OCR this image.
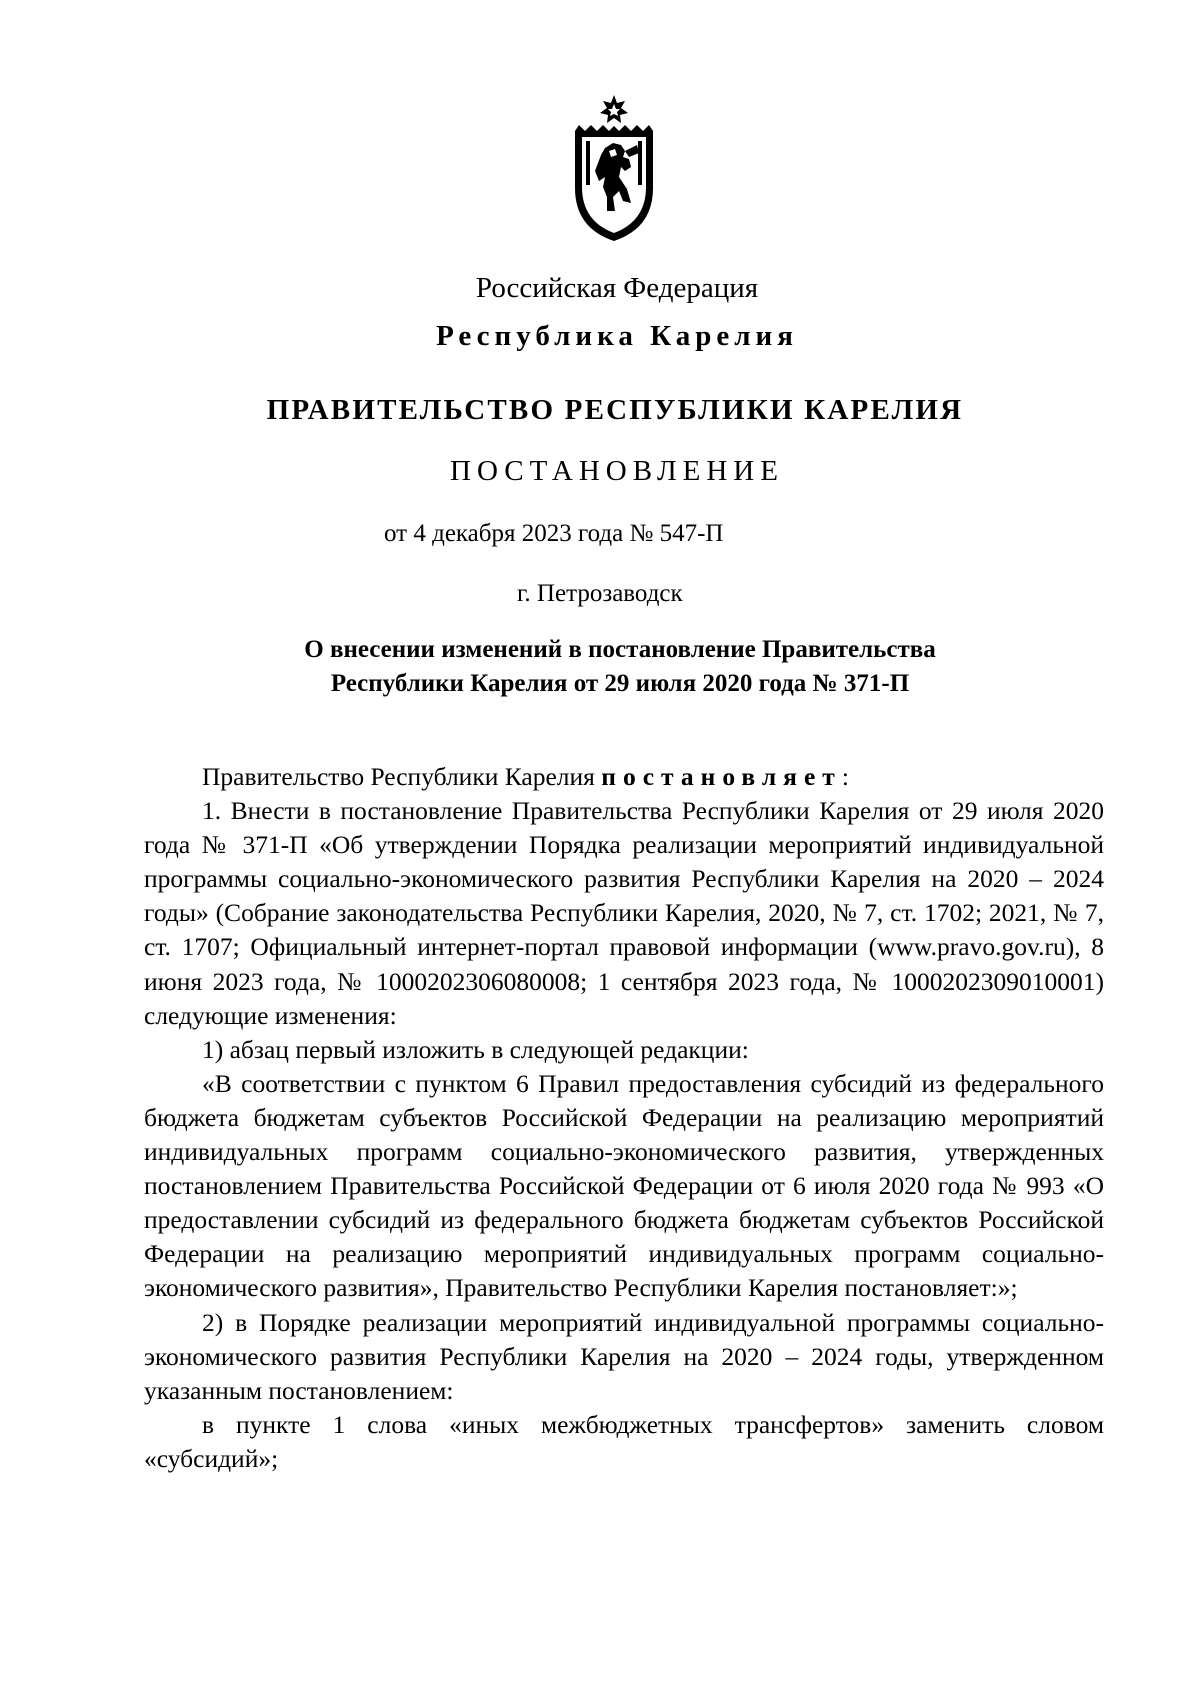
Российская Федерация
Республика Карелия
ПРАВИТЕЛЬСТВО РЕСПУБЛИКИ КАРЕЛИЯ
ПОСТАНОВЛЕНИЕ
от 4 декабря 2023 года № 547-П
г. Петрозаводск
О внесении изменений в постановление Правительства
Республики Карелия от 29 июля 2020 года № 371-П

Правительство Республики Карелия постановляет:

1. Внести в постановление Правительства Республики Карелия от 29 июля 2020 года № 371-П «Об утверждении Порядка реализации мероприятий индивидуальной программы социально-экономического развития Республики Карелия на 2020 – 2024 годы» (Собрание законодательства Республики Карелия, 2020, № 7, ст. 1702; 2021, № 7, ст. 1707; Официальный интернет-портал правовой информации (www.pravo.gov.ru), 8 июня 2023 года, № 1000202306080008; 1 сентября 2023 года, № 1000202309010001) следующие изменения:

1) абзац первый изложить в следующей редакции:

«В соответствии с пунктом 6 Правил предоставления субсидий из федерального бюджета бюджетам субъектов Российской Федерации на реализацию мероприятий индивидуальных программ социально-экономического развития, утвержденных постановлением Правительства Российской Федерации от 6 июля 2020 года № 993 «О предоставлении субсидий из федерального бюджета бюджетам субъектов Российской Федерации на реализацию мероприятий индивидуальных программ социально-экономического развития», Правительство Республики Карелия постановляет:»;

2) в Порядке реализации мероприятий индивидуальной программы социально-экономического развития Республики Карелия на 2020 – 2024 годы, утвержденном указанным постановлением:

в пункте 1 слова «иных межбюджетных трансфертов» заменить словом «субсидий»;
